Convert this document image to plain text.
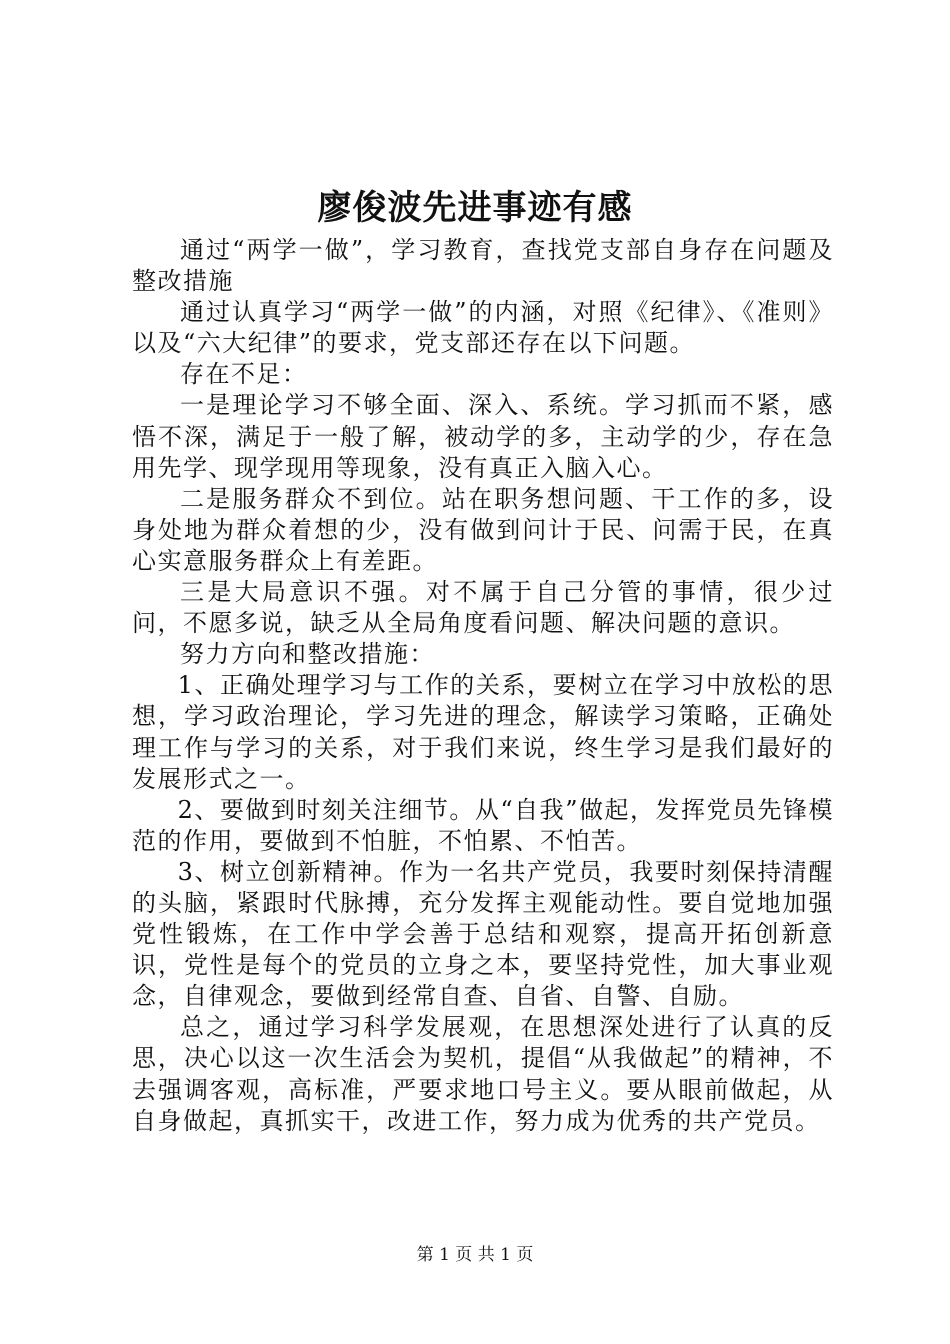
廖俊波先进事迹有感

通过“两学一做”，学习教育，查找党支部自身存在问题及整改措施

通过认真学习“两学一做”的内涵，对照《纪律》、《准则》以及“六大纪律”的要求，党支部还存在以下问题。

存在不足：

一是理论学习不够全面、深入、系统。学习抓而不紧，感悟不深，满足于一般了解，被动学的多，主动学的少，存在急用先学、现学现用等现象，没有真正入脑入心。

二是服务群众不到位。站在职务想问题、干工作的多，设身处地为群众着想的少，没有做到问计于民、问需于民，在真心实意服务群众上有差距。

三是大局意识不强。对不属于自己分管的事情，很少过问，不愿多说，缺乏从全局角度看问题、解决问题的意识。

努力方向和整改措施：

1、正确处理学习与工作的关系，要树立在学习中放松的思想，学习政治理论，学习先进的理念，解读学习策略，正确处理工作与学习的关系，对于我们来说，终生学习是我们最好的发展形式之一。

2、要做到时刻关注细节。从“自我”做起，发挥党员先锋模范的作用，要做到不怕脏，不怕累、不怕苦。

3、树立创新精神。作为一名共产党员，我要时刻保持清醒的头脑，紧跟时代脉搏，充分发挥主观能动性。要自觉地加强党性锻炼，在工作中学会善于总结和观察，提高开拓创新意识，党性是每个的党员的立身之本，要坚持党性，加大事业观念，自律观念，要做到经常自查、自省、自警、自励。

总之，通过学习科学发展观，在思想深处进行了认真的反思，决心以这一次生活会为契机，提倡“从我做起”的精神，不去强调客观，高标准，严要求地口号主义。要从眼前做起，从自身做起，真抓实干，改进工作，努力成为优秀的共产党员。

第 1 页 共 1 页
